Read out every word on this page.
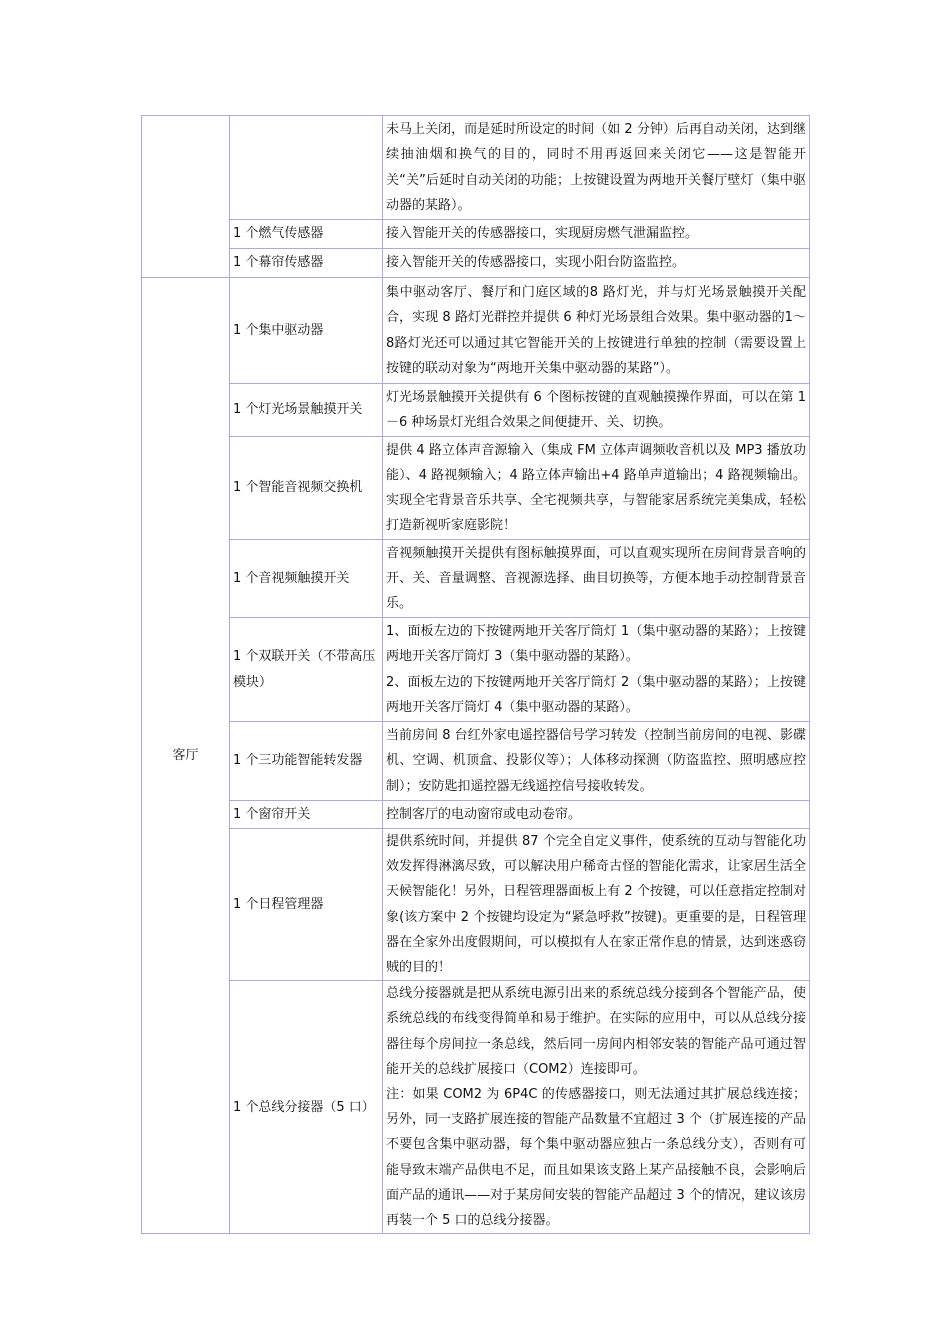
		未马上关闭，而是延时所设定的时间（如 2 分钟）后再自动关闭，达到继续抽油烟和换气的目的，同时不用再返回来关闭它——这是智能开关“关”后延时自动关闭的功能；上按键设置为两地开关餐厅壁灯（集中驱动器的某路）。
	1 个燃气传感器	接入智能开关的传感器接口，实现厨房燃气泄漏监控。
	1 个幕帘传感器	接入智能开关的传感器接口，实现小阳台防盗监控。
客厅	1 个集中驱动器	集中驱动客厅、餐厅和门庭区域的8 路灯光，并与灯光场景触摸开关配合，实现 8 路灯光群控并提供 6 种灯光场景组合效果。集中驱动器的1～8路灯光还可以通过其它智能开关的上按键进行单独的控制（需要设置上按键的联动对象为“两地开关集中驱动器的某路”）。
	1 个灯光场景触摸开关	灯光场景触摸开关提供有 6 个图标按键的直观触摸操作界面，可以在第 1－6 种场景灯光组合效果之间便捷开、关、切换。
	1 个智能音视频交换机	提供 4 路立体声音源输入（集成 FM 立体声调频收音机以及 MP3 播放功能）、4 路视频输入；4 路立体声输出+4 路单声道输出；4 路视频输出。实现全宅背景音乐共享、全宅视频共享，与智能家居系统完美集成，轻松打造新视听家庭影院！
	1 个音视频触摸开关	音视频触摸开关提供有图标触摸界面，可以直观实现所在房间背景音响的开、关、音量调整、音视源选择、曲目切换等，方便本地手动控制背景音乐。
	1 个双联开关（不带高压模块）	1、面板左边的下按键两地开关客厅筒灯 1（集中驱动器的某路）；上按键两地开关客厅筒灯 3（集中驱动器的某路）。
2、面板左边的下按键两地开关客厅筒灯 2（集中驱动器的某路）；上按键两地开关客厅筒灯 4（集中驱动器的某路）。

	1 个三功能智能转发器	当前房间 8 台红外家电遥控器信号学习转发（控制当前房间的电视、影碟机、空调、机顶盒、投影仪等）；人体移动探测（防盗监控、照明感应控制）；安防匙扣遥控器无线遥控信号接收转发。
	1 个窗帘开关	控制客厅的电动窗帘或电动卷帘。
	1 个日程管理器	提供系统时间，并提供 87 个完全自定义事件，使系统的互动与智能化功效发挥得淋漓尽致，可以解决用户稀奇古怪的智能化需求，让家居生活全天候智能化！另外，日程管理器面板上有 2 个按键，可以任意指定控制对象(该方案中 2 个按键均设定为“紧急呼救”按键)。更重要的是，日程管理器在全家外出度假期间，可以模拟有人在家正常作息的情景，达到迷惑窃贼的目的！
	1 个总线分接器（5 口）	总线分接器就是把从系统电源引出来的系统总线分接到各个智能产品，使系统总线的布线变得简单和易于维护。在实际的应用中，可以从总线分接器往每个房间拉一条总线，然后同一房间内相邻安装的智能产品可通过智能开关的总线扩展接口（COM2）连接即可。
注：如果 COM2 为 6P4C 的传感器接口，则无法通过其扩展总线连接；另外，同一支路扩展连接的智能产品数量不宜超过 3 个（扩展连接的产品不要包含集中驱动器，每个集中驱动器应独占一条总线分支），否则有可能导致末端产品供电不足，而且如果该支路上某产品接触不良，会影响后面产品的通讯——对于某房间安装的智能产品超过 3 个的情况，建议该房再装一个 5 口的总线分接器。
